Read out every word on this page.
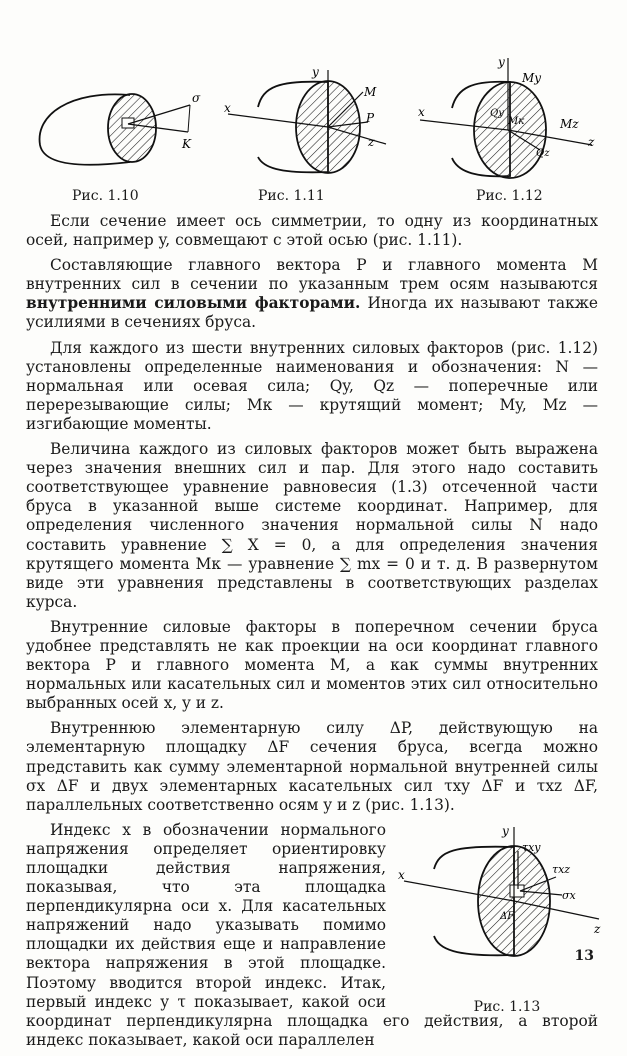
σ
K
Рис. 1.10
y
x
z
M
P
Рис. 1.11
y
x
z
My
Mz
Mк
Qy
Qz
Рис. 1.12

Если сечение имеет ось симметрии, то одну из координатных осей, например y, совмещают с этой осью (рис. 1.11).

Составляющие главного вектора P и главного момента M внутренних сил в сечении по указанным трем осям называются внутренними силовыми факторами. Иногда их называют также усилиями в сечениях бруса.

Для каждого из шести внутренних силовых факторов (рис. 1.12) установлены определенные наименования и обозначения: N — нормальная или осевая сила; Qy, Qz — поперечные или перерезывающие силы; Mк — крутящий момент; My, Mz — изгибающие моменты.

Величина каждого из силовых факторов может быть выражена через значения внешних сил и пар. Для этого надо составить соответствующее уравнение равновесия (1.3) отсеченной части бруса в указанной выше системе координат. Например, для определения численного значения нормальной силы N надо составить уравнение ∑ X = 0, а для определения значения крутящего момента Mк — уравнение ∑ mx = 0 и т. д. В развернутом виде эти уравнения представлены в соответствующих разделах курса.

Внутренние силовые факторы в поперечном сечении бруса удобнее представлять не как проекции на оси координат главного вектора P и главного момента M, а как суммы внутренних нормальных или касательных сил и моментов этих сил относительно выбранных осей x, y и z.

Внутреннюю элементарную силу ΔP, действующую на элементарную площадку ΔF сечения бруса, всегда можно представить как сумму элементарной нормальной внутренней силы σx ΔF и двух элементарных касательных сил τxy ΔF и τxz ΔF, параллельных соответственно осям y и z (рис. 1.13).

y
x
z
τxy
τxz
σx
ΔF
Рис. 1.13

Индекс x в обозначении нормального напряжения определяет ориентировку площадки действия напряжения, показывая, что эта площадка перпендикулярна оси x. Для касательных напряжений надо указывать помимо площадки их действия еще и направление вектора напряжения в этой площадке. Поэтому вводится второй индекс. Итак, первый индекс у τ показывает, какой оси координат перпендикулярна площадка его действия, а второй индекс показывает, какой оси параллелен

13
